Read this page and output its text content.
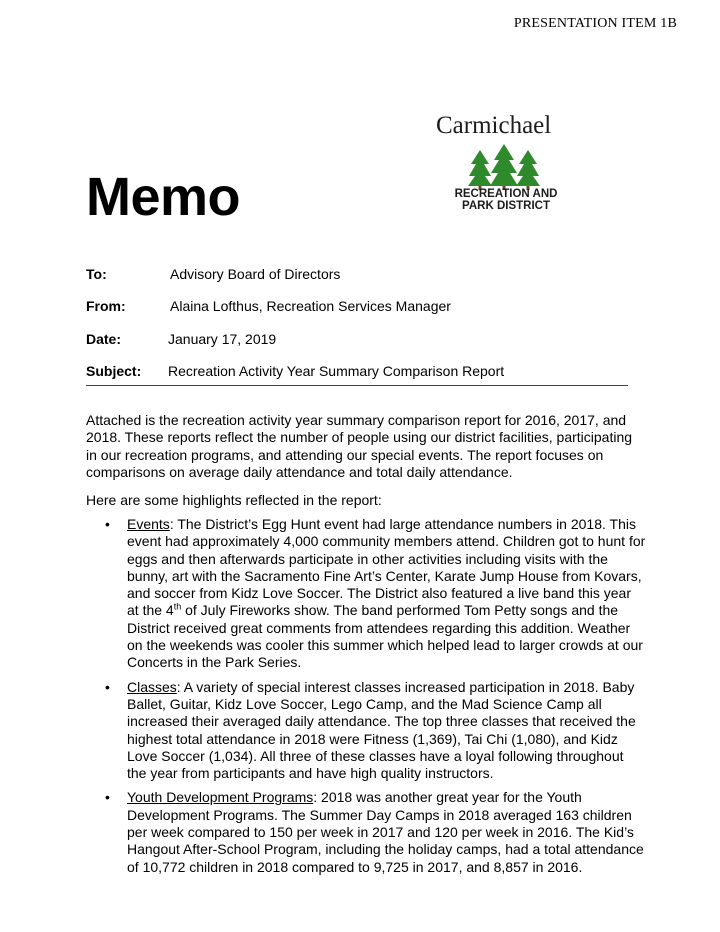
PRESENTATION ITEM 1B
Carmichael
RECREATION AND
PARK DISTRICT
Memo
To:	Advisory Board of Directors
From:	Alaina Lofthus, Recreation Services Manager
Date:	January 17, 2019
Subject: Recreation Activity Year Summary Comparison Report
Attached is the recreation activity year summary comparison report for 2016, 2017, and 2018. These reports reflect the number of people using our district facilities, participating in our recreation programs, and attending our special events. The report focuses on comparisons on average daily attendance and total daily attendance.
Here are some highlights reflected in the report:
• Events: The District’s Egg Hunt event had large attendance numbers in 2018. This event had approximately 4,000 community members attend. Children got to hunt for eggs and then afterwards participate in other activities including visits with the bunny, art with the Sacramento Fine Art’s Center, Karate Jump House from Kovars, and soccer from Kidz Love Soccer. The District also featured a live band this year at the 4th of July Fireworks show. The band performed Tom Petty songs and the District received great comments from attendees regarding this addition. Weather on the weekends was cooler this summer which helped lead to larger crowds at our Concerts in the Park Series.
• Classes: A variety of special interest classes increased participation in 2018. Baby Ballet, Guitar, Kidz Love Soccer, Lego Camp, and the Mad Science Camp all increased their averaged daily attendance. The top three classes that received the highest total attendance in 2018 were Fitness (1,369), Tai Chi (1,080), and Kidz Love Soccer (1,034). All three of these classes have a loyal following throughout the year from participants and have high quality instructors.
• Youth Development Programs: 2018 was another great year for the Youth Development Programs. The Summer Day Camps in 2018 averaged 163 children per week compared to 150 per week in 2017 and 120 per week in 2016. The Kid’s Hangout After-School Program, including the holiday camps, had a total attendance of 10,772 children in 2018 compared to 9,725 in 2017, and 8,857 in 2016.
